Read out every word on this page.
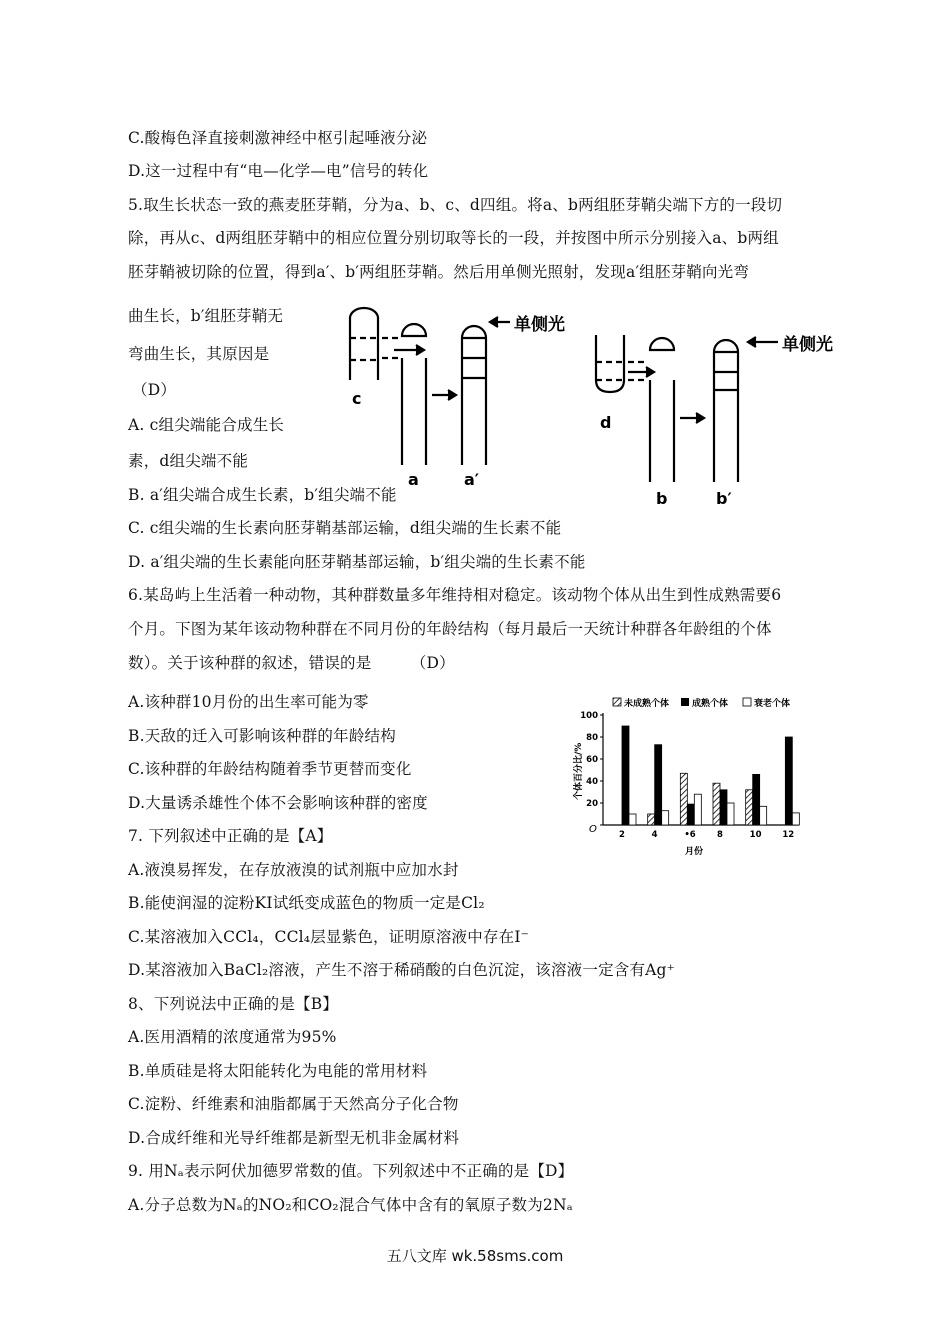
C.酸梅色泽直接刺激神经中枢引起唾液分泌
D.这一过程中有“电—化学—电”信号的转化
5.取生长状态一致的燕麦胚芽鞘，分为a、b、c、d四组。将a、b两组胚芽鞘尖端下方的一段切
除，再从c、d两组胚芽鞘中的相应位置分别切取等长的一段，并按图中所示分别接入a、b两组
胚芽鞘被切除的位置，得到a′、b′两组胚芽鞘。然后用单侧光照射，发现a′组胚芽鞘向光弯
曲生长，b′组胚芽鞘无
弯曲生长，其原因是
（D）
A. c组尖端能合成生长
素，d组尖端不能
B. a′组尖端合成生长素，b′组尖端不能
C. c组尖端的生长素向胚芽鞘基部运输，d组尖端的生长素不能
D. a′组尖端的生长素能向胚芽鞘基部运输，b′组尖端的生长素不能
6.某岛屿上生活着一种动物，其种群数量多年维持相对稳定。该动物个体从出生到性成熟需要6
个月。下图为某年该动物种群在不同月份的年龄结构（每月最后一天统计种群各年龄组的个体
数）。关于该种群的叙述，错误的是　　　（D）
A.该种群10月份的出生率可能为零
B.天敌的迁入可影响该种群的年龄结构
C.该种群的年龄结构随着季节更替而变化
D.大量诱杀雄性个体不会影响该种群的密度
7. 下列叙述中正确的是【A】
A.液溴易挥发，在存放液溴的试剂瓶中应加水封
B.能使润湿的淀粉KI试纸变成蓝色的物质一定是Cl₂
C.某溶液加入CCl₄，CCl₄层显紫色，证明原溶液中存在I⁻
D.某溶液加入BaCl₂溶液，产生不溶于稀硝酸的白色沉淀，该溶液一定含有Ag⁺
8、下列说法中正确的是【B】
A.医用酒精的浓度通常为95%
B.单质硅是将太阳能转化为电能的常用材料
C.淀粉、纤维素和油脂都属于天然高分子化合物
D.合成纤维和光导纤维都是新型无机非金属材料
9. 用Nₐ表示阿伏加德罗常数的值。下列叙述中不正确的是【D】
A.分子总数为Nₐ的NO₂和CO₂混合气体中含有的氧原子数为2Nₐ
单侧光
单侧光
c
a	a′
d
b	b′
未成熟个体	成熟个体	衰老个体
个体百分比/%
月份
O
20
40
60
80
100
2	4	•6	8	10 12
五八文库 wk.58sms.com
